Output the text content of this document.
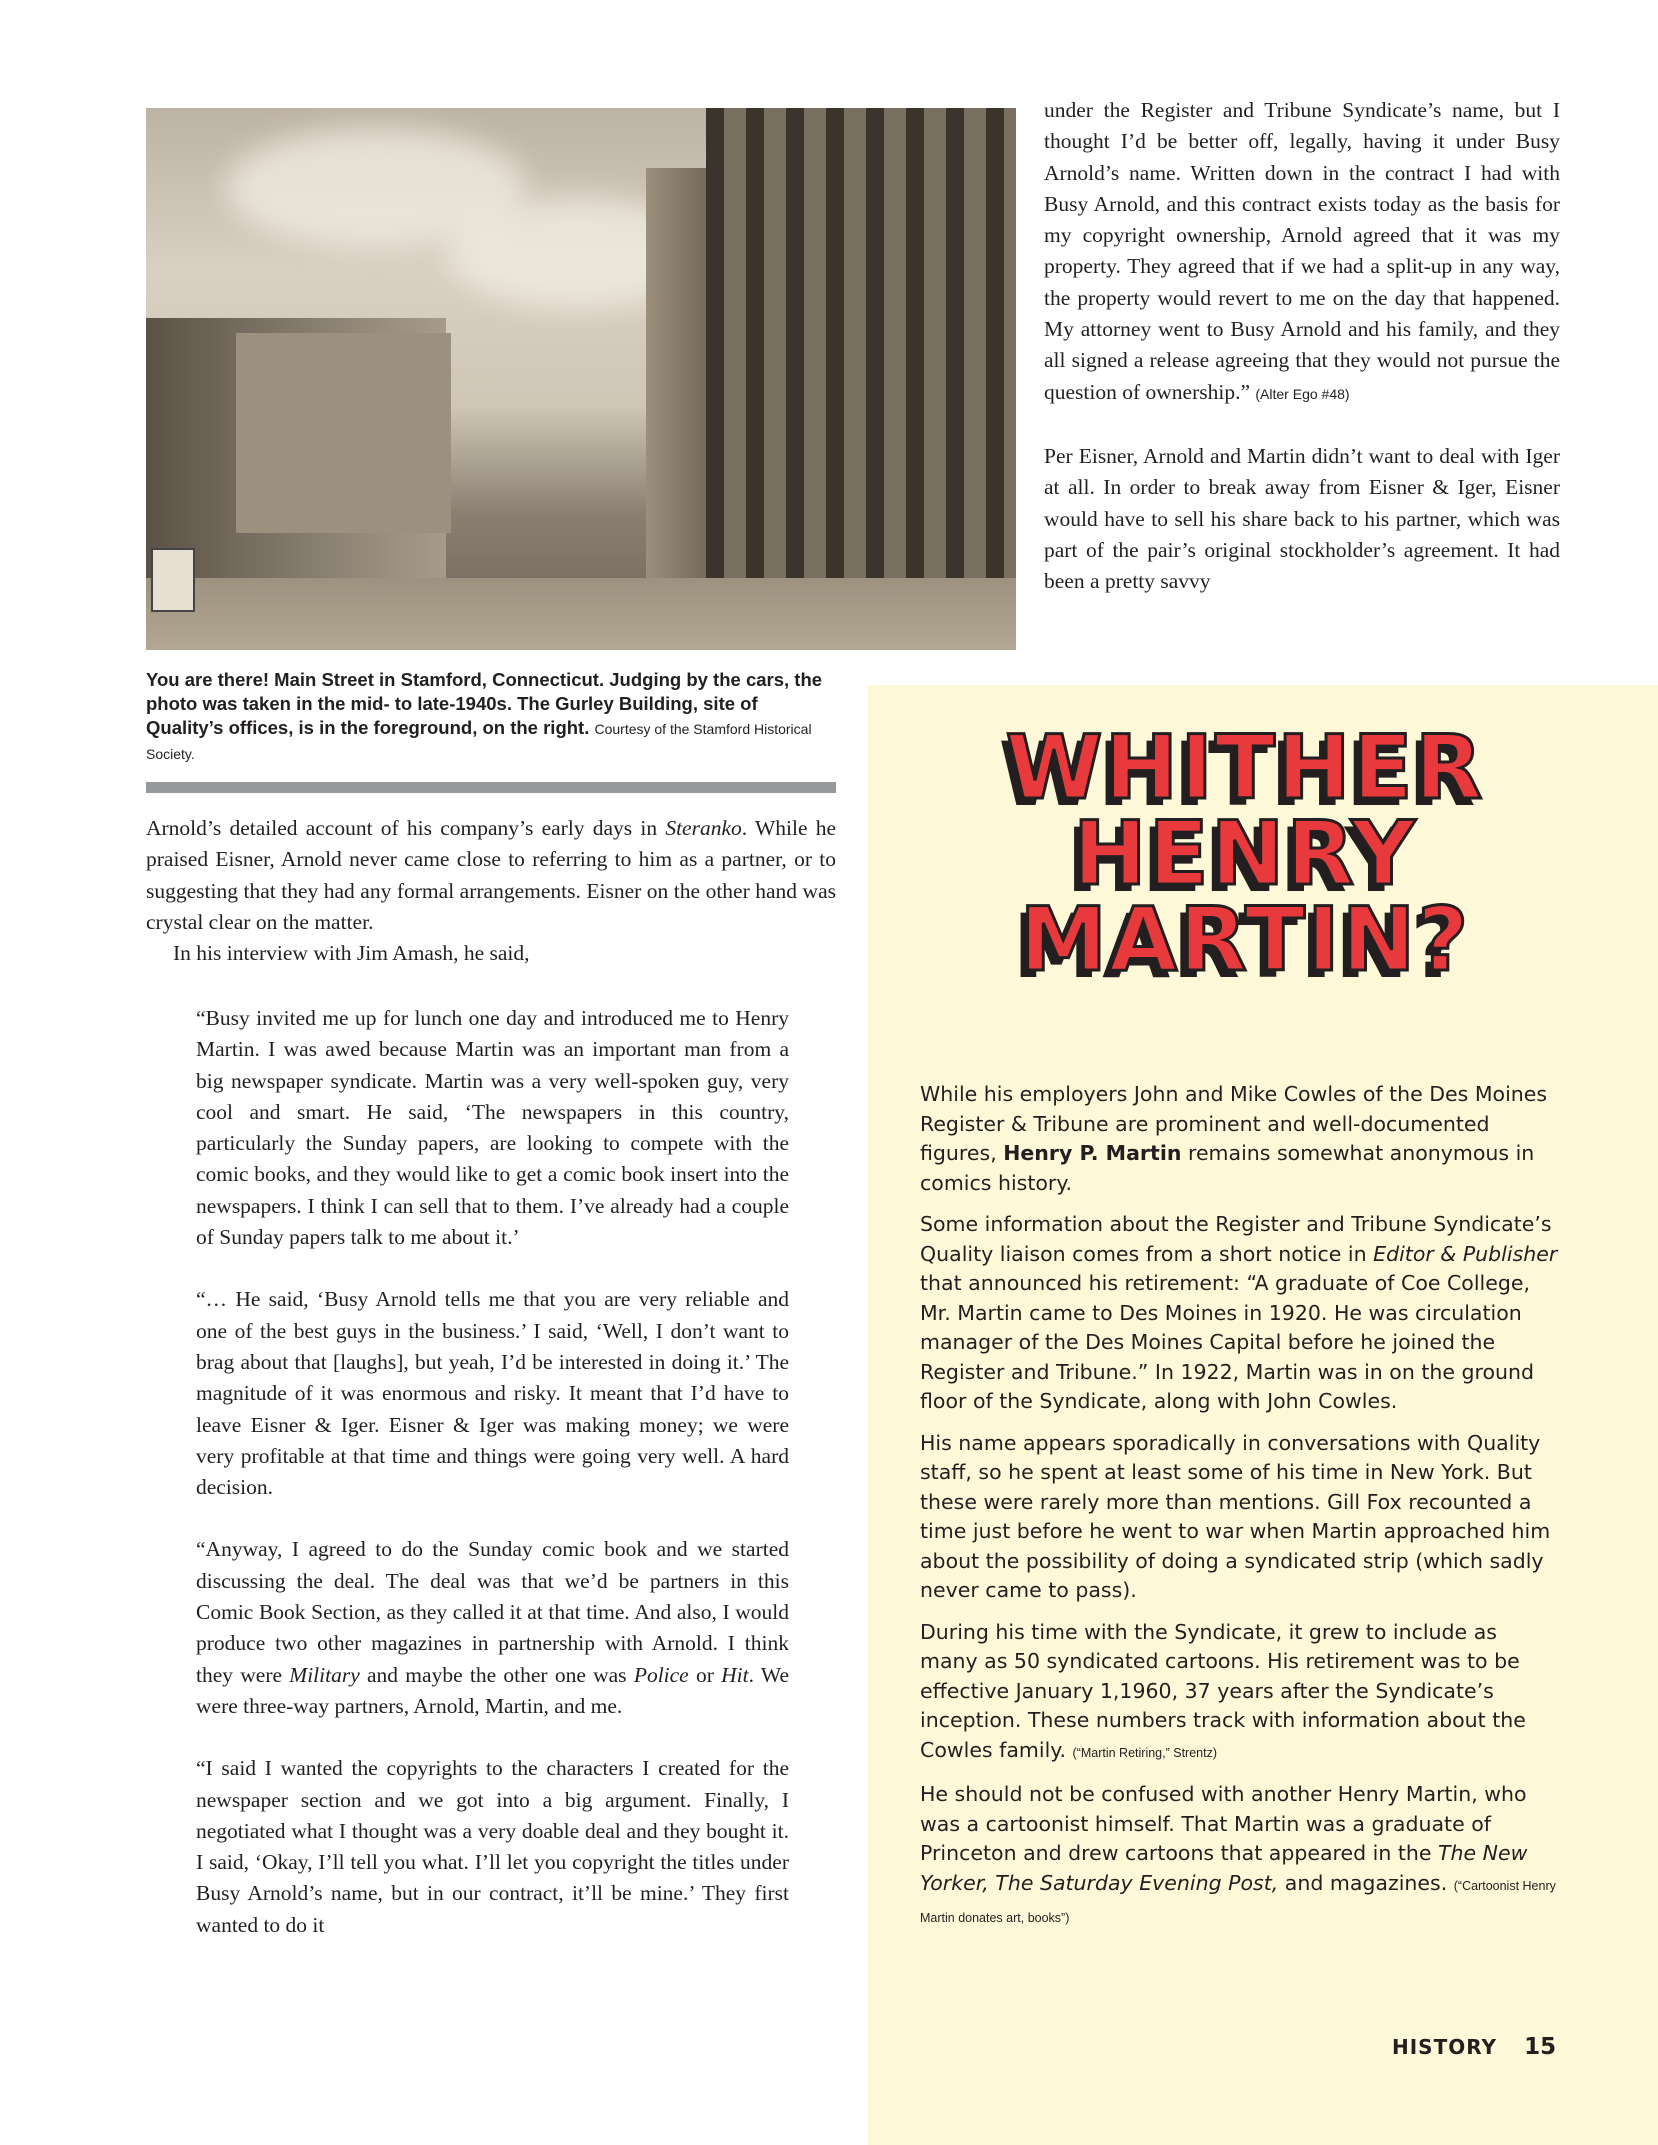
You are there! Main Street in Stamford, Connecticut. Judging by the cars, the photo was taken in the mid- to late-1940s. The Gurley Building, site of Quality’s offices, is in the foreground, on the right. Courtesy of the Stamford Historical Society.

Arnold’s detailed account of his company’s early days in Steranko. While he praised Eisner, Arnold never came close to referring to him as a partner, or to suggesting that they had any formal arrangements. Eisner on the other hand was crystal clear on the matter.

In his interview with Jim Amash, he said,

“Busy invited me up for lunch one day and introduced me to Henry Martin. I was awed because Martin was an important man from a big newspaper syndicate. Martin was a very well-spoken guy, very cool and smart. He said, ‘The newspapers in this country, particularly the Sunday papers, are looking to compete with the comic books, and they would like to get a comic book insert into the newspapers. I think I can sell that to them. I’ve already had a couple of Sunday papers talk to me about it.’

“… He said, ‘Busy Arnold tells me that you are very reliable and one of the best guys in the business.’ I said, ‘Well, I don’t want to brag about that [laughs], but yeah, I’d be interested in doing it.’ The magnitude of it was enormous and risky. It meant that I’d have to leave Eisner & Iger. Eisner & Iger was making money; we were very profitable at that time and things were going very well. A hard decision.

“Anyway, I agreed to do the Sunday comic book and we started discussing the deal. The deal was that we’d be partners in this Comic Book Section, as they called it at that time. And also, I would produce two other magazines in partnership with Arnold. I think they were Military and maybe the other one was Police or Hit. We were three-way partners, Arnold, Martin, and me.

“I said I wanted the copyrights to the characters I created for the newspaper section and we got into a big argument. Finally, I negotiated what I thought was a very doable deal and they bought it. I said, ‘Okay, I’ll tell you what. I’ll let you copyright the titles under Busy Arnold’s name, but in our contract, it’ll be mine.’ They first wanted to do it

under the Register and Tribune Syndicate’s name, but I thought I’d be better off, legally, having it under Busy Arnold’s name. Written down in the contract I had with Busy Arnold, and this contract exists today as the basis for my copyright ownership, Arnold agreed that it was my property. They agreed that if we had a split-up in any way, the property would revert to me on the day that happened. My attorney went to Busy Arnold and his family, and they all signed a release agreeing that they would not pursue the question of ownership.” (Alter Ego #48)

Per Eisner, Arnold and Martin didn’t want to deal with Iger at all. In order to break away from Eisner & Iger, Eisner would have to sell his share back to his partner, which was part of the pair’s original stockholder’s agreement. It had been a pretty savvy

WHITHER
HENRY
MARTIN?

While his employers John and Mike Cowles of the Des Moines Register & Tribune are prominent and well-documented figures, Henry P. Martin remains somewhat anonymous in comics history.

Some information about the Register and Tribune Syndicate’s Quality liaison comes from a short notice in Editor & Publisher that announced his retirement: “A graduate of Coe College, Mr. Martin came to Des Moines in 1920. He was circulation manager of the Des Moines Capital before he joined the Register and Tribune.” In 1922, Martin was in on the ground floor of the Syndicate, along with John Cowles.

His name appears sporadically in conversations with Quality staff, so he spent at least some of his time in New York. But these were rarely more than mentions. Gill Fox recounted a time just before he went to war when Martin approached him about the possibility of doing a syndicated strip (which sadly never came to pass).

During his time with the Syndicate, it grew to include as many as 50 syndicated cartoons. His retirement was to be effective January 1,1960, 37 years after the Syndicate’s inception. These numbers track with information about the Cowles family. (“Martin Retiring,” Strentz)

He should not be confused with another Henry Martin, who was a cartoonist himself. That Martin was a graduate of Princeton and drew cartoons that appeared in the The New Yorker, The Saturday Evening Post, and magazines. (“Cartoonist Henry Martin donates art, books”)

HISTORY 15
